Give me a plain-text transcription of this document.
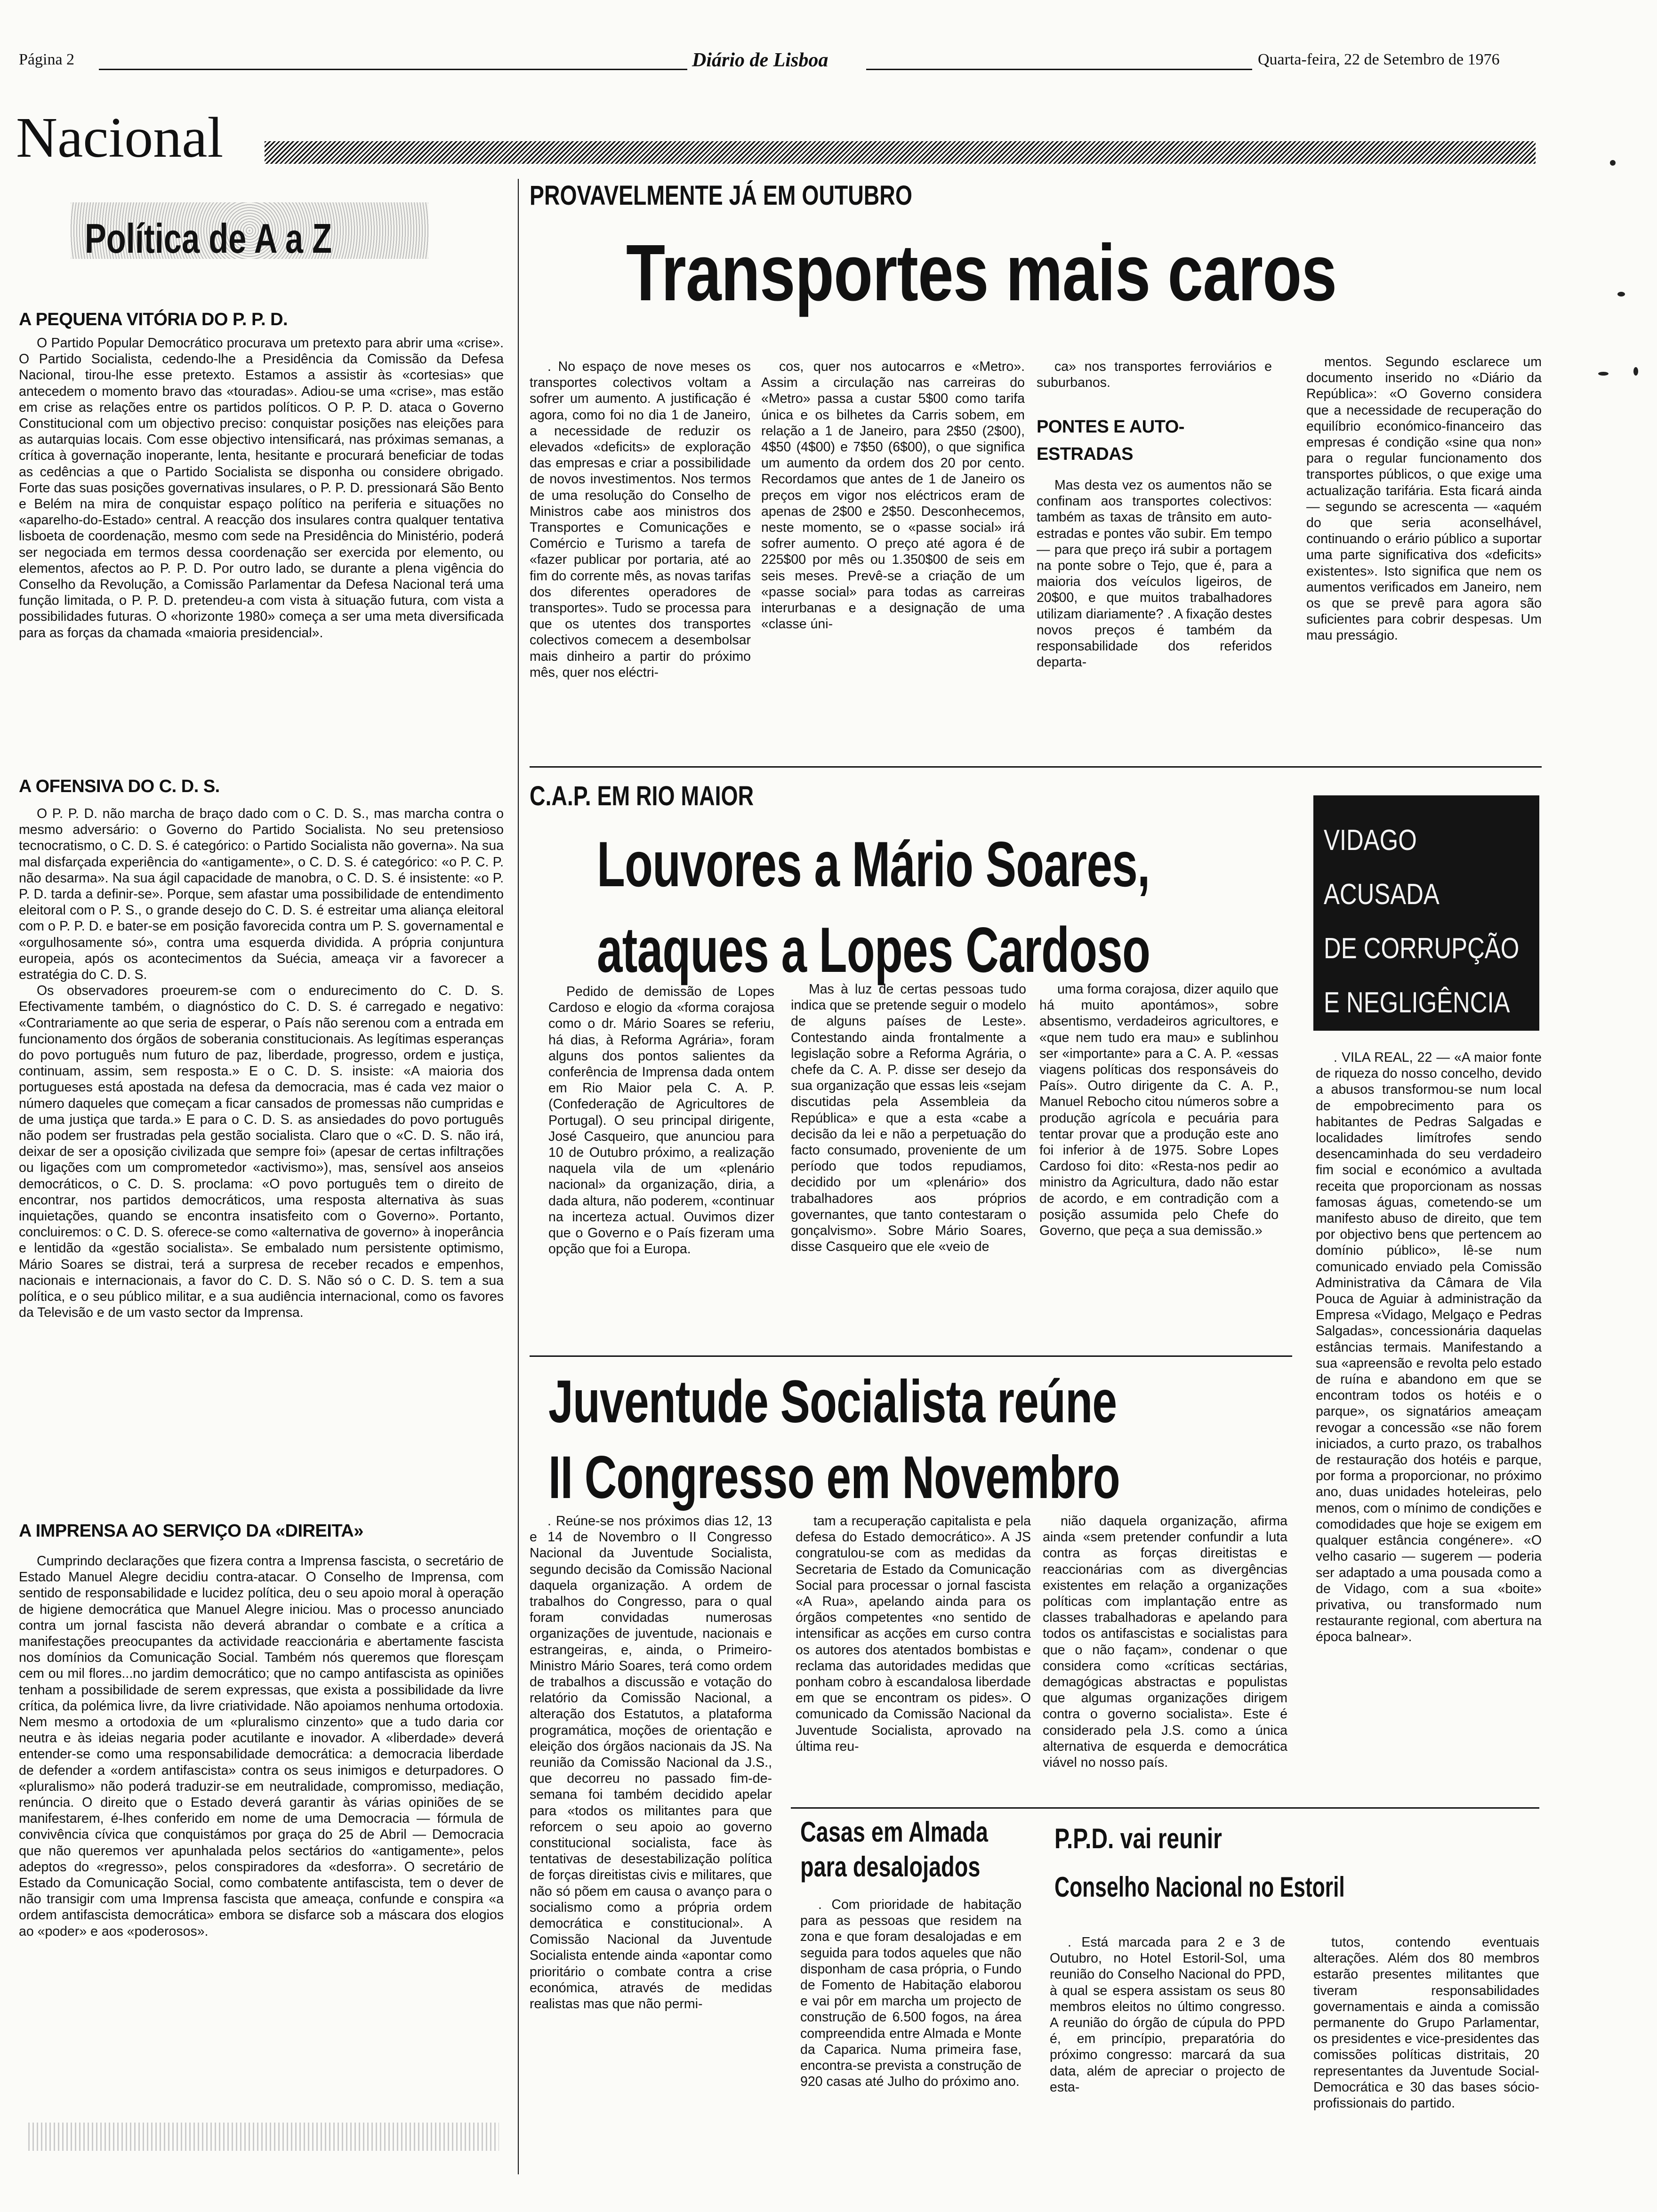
Página 2	Diário de Lisboa	Quarta-feira, 22 de Setembro de 1976
Nacional
Política de A a Z
A PEQUENA VITÓRIA DO P. P. D.

O Partido Popular Democrático procurava um pretexto para abrir uma «crise». O Partido Socialista, cedendo-lhe a Presidência da Comissão da Defesa Nacional, tirou-lhe esse pretexto. Estamos a assistir às «cortesias» que antecedem o momento bravo das «touradas». Adiou-se uma «crise», mas estão em crise as relações entre os partidos políticos. O P. P. D. ataca o Governo Constitucional com um objectivo preciso: conquistar posições nas eleições para as autarquias locais. Com esse objectivo intensificará, nas próximas semanas, a crítica à governação inoperante, lenta, hesitante e procurará beneficiar de todas as cedências a que o Partido Socialista se disponha ou considere obrigado. Forte das suas posições governativas insulares, o P. P. D. pressionará São Bento e Belém na mira de conquistar espaço político na periferia e situações no «aparelho-do-Estado» central. A reacção dos insulares contra qualquer tentativa lisboeta de coordenação, mesmo com sede na Presidência do Ministério, poderá ser negociada em termos dessa coordenação ser exercida por elemento, ou elementos, afectos ao P. P. D. Por outro lado, se durante a plena vigência do Conselho da Revolução, a Comissão Parlamentar da Defesa Nacional terá uma função limitada, o P. P. D. pretendeu-a com vista à situação futura, com vista a possibilidades futuras. O «horizonte 1980» começa a ser uma meta diversificada para as forças da chamada «maioria presidencial».

A OFENSIVA DO C. D. S.

O P. P. D. não marcha de braço dado com o C. D. S., mas marcha contra o mesmo adversário: o Governo do Partido Socialista. No seu pretensioso tecnocratismo, o C. D. S. é categórico: o Partido Socialista não governa». Na sua mal disfarçada experiência do «antigamente», o C. D. S. é categórico: «o P. C. P. não desarma». Na sua ágil capacidade de manobra, o C. D. S. é insistente: «o P. P. D. tarda a definir-se». Porque, sem afastar uma possibilidade de entendimento eleitoral com o P. S., o grande desejo do C. D. S. é estreitar uma aliança eleitoral com o P. P. D. e bater-se em posição favorecida contra um P. S. governamental e «orgulhosamente só», contra uma esquerda dividida. A própria conjuntura europeia, após os acontecimentos da Suécia, ameaça vir a favorecer a estratégia do C. D. S.

Os observadores proeurem-se com o endurecimento do C. D. S. Efectivamente também, o diagnóstico do C. D. S. é carregado e negativo: «Contrariamente ao que seria de esperar, o País não serenou com a entrada em funcionamento dos órgãos de soberania constitucionais. As legítimas esperanças do povo português num futuro de paz, liberdade, progresso, ordem e justiça, continuam, assim, sem resposta.» E o C. D. S. insiste: «A maioria dos portugueses está apostada na defesa da democracia, mas é cada vez maior o número daqueles que começam a ficar cansados de promessas não cumpridas e de uma justiça que tarda.» E para o C. D. S. as ansiedades do povo português não podem ser frustradas pela gestão socialista. Claro que o «C. D. S. não irá, deixar de ser a oposição civilizada que sempre foi» (apesar de certas infiltrações ou ligações com um comprometedor «activismo»), mas, sensível aos anseios democráticos, o C. D. S. proclama: «O povo português tem o direito de encontrar, nos partidos democráticos, uma resposta alternativa às suas inquietações, quando se encontra insatisfeito com o Governo». Portanto, concluiremos: o C. D. S. oferece-se como «alternativa de governo» à inoperância e lentidão da «gestão socialista». Se embalado num persistente optimismo, Mário Soares se distrai, terá a surpresa de receber recados e empenhos, nacionais e internacionais, a favor do C. D. S. Não só o C. D. S. tem a sua política, e o seu público militar, e a sua audiência internacional, como os favores da Televisão e de um vasto sector da Imprensa.

A IMPRENSA AO SERVIÇO DA «DIREITA»

Cumprindo declarações que fizera contra a Imprensa fascista, o secretário de Estado Manuel Alegre decidiu contra-atacar. O Conselho de Imprensa, com sentido de responsabilidade e lucidez política, deu o seu apoio moral à operação de higiene democrática que Manuel Alegre iniciou. Mas o processo anunciado contra um jornal fascista não deverá abrandar o combate e a crítica a manifestações preocupantes da actividade reaccionária e abertamente fascista nos domínios da Comunicação Social. Também nós queremos que floresçam cem ou mil flores...no jardim democrático; que no campo antifascista as opiniões tenham a possibilidade de serem expressas, que exista a possibilidade da livre crítica, da polémica livre, da livre criatividade. Não apoiamos nenhuma ortodoxia. Nem mesmo a ortodoxia de um «pluralismo cinzento» que a tudo daria cor neutra e às ideias negaria poder acutilante e inovador. A «liberdade» deverá entender-se como uma responsabilidade democrática: a democracia liberdade de defender a «ordem antifascista» contra os seus inimigos e deturpadores. O «pluralismo» não poderá traduzir-se em neutralidade, compromisso, mediação, renúncia. O direito que o Estado deverá garantir às várias opiniões de se manifestarem, é-lhes conferido em nome de uma Democracia — fórmula de convivência cívica que conquistámos por graça do 25 de Abril — Democracia que não queremos ver apunhalada pelos sectários do «antigamente», pelos adeptos do «regresso», pelos conspiradores da «desforra». O secretário de Estado da Comunicação Social, como combatente antifascista, tem o dever de não transigir com uma Imprensa fascista que ameaça, confunde e conspira «a ordem antifascista democrática» embora se disfarce sob a máscara dos elogios ao «poder» e aos «poderosos».

PROVAVELMENTE JÁ EM OUTUBRO
Transportes mais caros

. No espaço de nove meses os transportes colectivos voltam a sofrer um aumento. A justificação é agora, como foi no dia 1 de Janeiro, a necessidade de reduzir os elevados «deficits» de exploração das empresas e criar a possibilidade de novos investimentos. Nos termos de uma resolução do Conselho de Ministros cabe aos ministros dos Transportes e Comunicações e Comércio e Turismo a tarefa de «fazer publicar por portaria, até ao fim do corrente mês, as novas tarifas dos diferentes operadores de transportes». Tudo se processa para que os utentes dos transportes colectivos comecem a desembolsar mais dinheiro a partir do próximo mês, quer nos eléctri-

cos, quer nos autocarros e «Metro». Assim a circulação nas carreiras do «Metro» passa a custar 5$00 como tarifa única e os bilhetes da Carris sobem, em relação a 1 de Janeiro, para 2$50 (2$00), 4$50 (4$00) e 7$50 (6$00), o que significa um aumento da ordem dos 20 por cento. Recordamos que antes de 1 de Janeiro os preços em vigor nos eléctricos eram de apenas de 2$00 e 2$50. Desconhecemos, neste momento, se o «passe social» irá sofrer aumento. O preço até agora é de 225$00 por mês ou 1.350$00 de seis em seis meses. Prevê-se a criação de um «passe social» para todas as carreiras interurbanas e a designação de uma «classe úni-

ca» nos transportes ferroviários e suburbanos.

PONTES E AUTO-ESTRADAS

Mas desta vez os aumentos não se confinam aos transportes colectivos: também as taxas de trânsito em auto-estradas e pontes vão subir. Em tempo — para que preço irá subir a portagem na ponte sobre o Tejo, que é, para a maioria dos veículos ligeiros, de 20$00, e que muitos trabalhadores utilizam diariamente? . A fixação destes novos preços é também da responsabilidade dos referidos departa-

mentos. Segundo esclarece um documento inserido no «Diário da República»: «O Governo considera que a necessidade de recuperação do equilíbrio económico-financeiro das empresas é condição «sine qua non» para o regular funcionamento dos transportes públicos, o que exige uma actualização tarifária. Esta ficará ainda — segundo se acrescenta — «aquém do que seria aconselhável, continuando o erário público a suportar uma parte significativa dos «deficits» existentes». Isto significa que nem os aumentos verificados em Janeiro, nem os que se prevê para agora são suficientes para cobrir despesas. Um mau presságio.

C.A.P. EM RIO MAIOR
Louvores a Mário Soares,
ataques a Lopes Cardoso

Pedido de demissão de Lopes Cardoso e elogio da «forma corajosa como o dr. Mário Soares se referiu, há dias, à Reforma Agrária», foram alguns dos pontos salientes da conferência de Imprensa dada ontem em Rio Maior pela C. A. P. (Confederação de Agricultores de Portugal). O seu principal dirigente, José Casqueiro, que anunciou para 10 de Outubro próximo, a realização naquela vila de um «plenário nacional» da organização, diria, a dada altura, não poderem, «continuar na incerteza actual. Ouvimos dizer que o Governo e o País fizeram uma opção que foi a Europa.

Mas à luz de certas pessoas tudo indica que se pretende seguir o modelo de alguns países de Leste». Contestando ainda frontalmente a legislação sobre a Reforma Agrária, o chefe da C. A. P. disse ser desejo da sua organização que essas leis «sejam discutidas pela Assembleia da República» e que a esta «cabe a decisão da lei e não a perpetuação do facto consumado, proveniente de um período que todos repudiamos, decidido por um «plenário» dos trabalhadores aos próprios governantes, que tanto contestaram o gonçalvismo». Sobre Mário Soares, disse Casqueiro que ele «veio de

uma forma corajosa, dizer aquilo que há muito apontámos», sobre absentismo, verdadeiros agricultores, e «que nem tudo era mau» e sublinhou ser «importante» para a C. A. P. «essas viagens políticas dos responsáveis do País». Outro dirigente da C. A. P., Manuel Rebocho citou números sobre a produção agrícola e pecuária para tentar provar que a produção este ano foi inferior à de 1975. Sobre Lopes Cardoso foi dito: «Resta-nos pedir ao ministro da Agricultura, dado não estar de acordo, e em contradição com a posição assumida pelo Chefe do Governo, que peça a sua demissão.»

VIDAGO
ACUSADA
DE CORRUPÇÃO
E NEGLIGÊNCIA

. VILA REAL, 22 — «A maior fonte de riqueza do nosso concelho, devido a abusos transformou-se num local de empobrecimento para os habitantes de Pedras Salgadas e localidades limítrofes sendo desencaminhada do seu verdadeiro fim social e económico a avultada receita que proporcionam as nossas famosas águas, cometendo-se um manifesto abuso de direito, que tem por objectivo bens que pertencem ao domínio público», lê-se num comunicado enviado pela Comissão Administrativa da Câmara de Vila Pouca de Aguiar à administração da Empresa «Vidago, Melgaço e Pedras Salgadas», concessionária daquelas estâncias termais. Manifestando a sua «apreensão e revolta pelo estado de ruína e abandono em que se encontram todos os hotéis e o parque», os signatários ameaçam revogar a concessão «se não forem iniciados, a curto prazo, os trabalhos de restauração dos hotéis e parque, por forma a proporcionar, no próximo ano, duas unidades hoteleiras, pelo menos, com o mínimo de condições e comodidades que hoje se exigem em qualquer estância congénere». «O velho casario — sugerem — poderia ser adaptado a uma pousada como a de Vidago, com a sua «boite» privativa, ou transformado num restaurante regional, com abertura na época balnear».

Juventude Socialista reúne
II Congresso em Novembro

. Reúne-se nos próximos dias 12, 13 e 14 de Novembro o II Congresso Nacional da Juventude Socialista, segundo decisão da Comissão Nacional daquela organização. A ordem de trabalhos do Congresso, para o qual foram convidadas numerosas organizações de juventude, nacionais e estrangeiras, e, ainda, o Primeiro-Ministro Mário Soares, terá como ordem de trabalhos a discussão e votação do relatório da Comissão Nacional, a alteração dos Estatutos, a plataforma programática, moções de orientação e eleição dos órgãos nacionais da JS. Na reunião da Comissão Nacional da J.S., que decorreu no passado fim-de-semana foi também decidido apelar para «todos os militantes para que reforcem o seu apoio ao governo constitucional socialista, face às tentativas de desestabilização política de forças direitistas civis e militares, que não só põem em causa o avanço para o socialismo como a própria ordem democrática e constitucional». A Comissão Nacional da Juventude Socialista entende ainda «apontar como prioritário o combate contra a crise económica, através de medidas realistas mas que não permi-

tam a recuperação capitalista e pela defesa do Estado democrático». A JS congratulou-se com as medidas da Secretaria de Estado da Comunicação Social para processar o jornal fascista «A Rua», apelando ainda para os órgãos competentes «no sentido de intensificar as acções em curso contra os autores dos atentados bombistas e reclama das autoridades medidas que ponham cobro à escandalosa liberdade em que se encontram os pides». O comunicado da Comissão Nacional da Juventude Socialista, aprovado na última reu-

nião daquela organização, afirma ainda «sem pretender confundir a luta contra as forças direitistas e reaccionárias com as divergências existentes em relação a organizações políticas com implantação entre as classes trabalhadoras e apelando para todos os antifascistas e socialistas para que o não façam», condenar o que considera como «críticas sectárias, demagógicas abstractas e populistas que algumas organizações dirigem contra o governo socialista». Este é considerado pela J.S. como a única alternativa de esquerda e democrática viável no nosso país.

Casas em Almada
para desalojados

. Com prioridade de habitação para as pessoas que residem na zona e que foram desalojadas e em seguida para todos aqueles que não disponham de casa própria, o Fundo de Fomento de Habitação elaborou e vai pôr em marcha um projecto de construção de 6.500 fogos, na área compreendida entre Almada e Monte da Caparica. Numa primeira fase, encontra-se prevista a construção de 920 casas até Julho do próximo ano.

P.P.D. vai reunir
Conselho Nacional no Estoril

. Está marcada para 2 e 3 de Outubro, no Hotel Estoril-Sol, uma reunião do Conselho Nacional do PPD, à qual se espera assistam os seus 80 membros eleitos no último congresso. A reunião do órgão de cúpula do PPD é, em princípio, preparatória do próximo congresso: marcará da sua data, além de apreciar o projecto de esta-

tutos, contendo eventuais alterações. Além dos 80 membros estarão presentes militantes que tiveram responsabilidades governamentais e ainda a comissão permanente do Grupo Parlamentar, os presidentes e vice-presidentes das comissões políticas distritais, 20 representantes da Juventude Social-Democrática e 30 das bases sócio-profissionais do partido.
